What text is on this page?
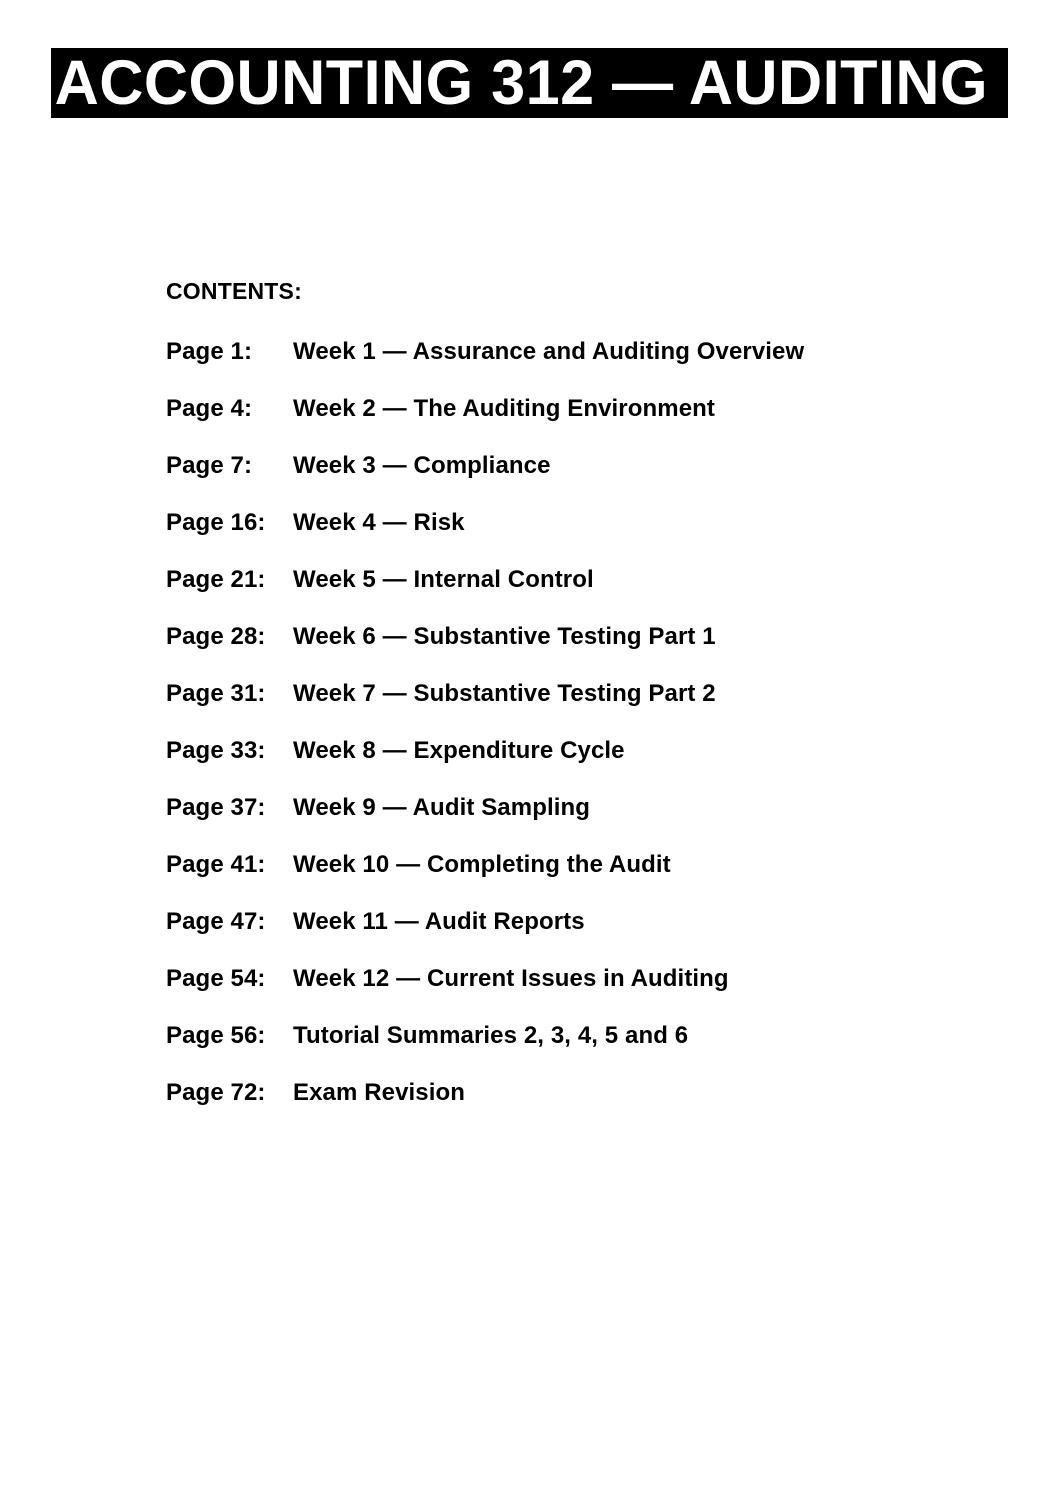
ACCOUNTING 312 — AUDITING
CONTENTS:
Page 1:	Week 1 — Assurance and Auditing Overview
Page 4:	Week 2 — The Auditing Environment
Page 7:	Week 3 — Compliance
Page 16:	Week 4 — Risk
Page 21:	Week 5 — Internal Control
Page 28:	Week 6 — Substantive Testing Part 1
Page 31:	Week 7 — Substantive Testing Part 2
Page 33:	Week 8 — Expenditure Cycle
Page 37:	Week 9 — Audit Sampling
Page 41:	Week 10 — Completing the Audit
Page 47:	Week 11 — Audit Reports
Page 54:	Week 12 — Current Issues in Auditing
Page 56:	Tutorial Summaries 2, 3, 4, 5 and 6
Page 72:	Exam Revision
